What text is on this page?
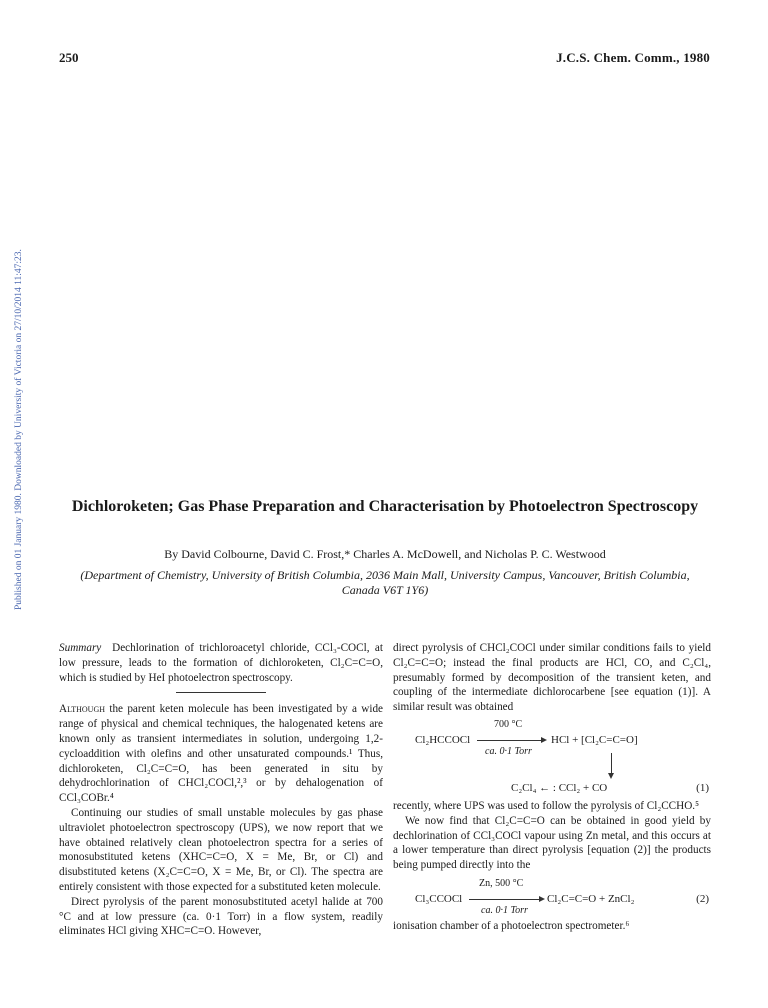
250	J.C.S. Chem. Comm., 1980
Published on 01 January 1980. Downloaded by University of Victoria on 27/10/2014 11:47:23.	Dichloroketen; Gas Phase Preparation and Characterisation by Photoelectron Spectroscopy
By David Colbourne, David C. Frost,* Charles A. McDowell, and Nicholas P. C. Westwood
(Department of Chemistry, University of British Columbia, 2036 Main Mall, University Campus, Vancouver, British Columbia, Canada V6T 1Y6)

Summary Dechlorination of trichloroacetyl chloride, CCl₃-COCl, at low pressure, leads to the formation of dichloroketen, Cl₂C=C=O, which is studied by HeI photoelectron spectroscopy.

Although the parent keten molecule has been investigated by a wide range of physical and chemical techniques, the halogenated ketens are known only as transient intermediates in solution, undergoing 1,2-cycloaddition with olefins and other unsaturated compounds.¹ Thus, dichloroketen, Cl₂C=C=O, has been generated in situ by dehydrochlorination of CHCl₂COCl,²,³ or by dehalogenation of CCl₃COBr.⁴

Continuing our studies of small unstable molecules by gas phase ultraviolet photoelectron spectroscopy (UPS), we now report that we have obtained relatively clean photoelectron spectra for a series of monosubstituted ketens (XHC=C=O, X = Me, Br, or Cl) and disubstituted ketens (X₂C=C=O, X = Me, Br, or Cl). The spectra are entirely consistent with those expected for a substituted keten molecule.

Direct pyrolysis of the parent monosubstituted acetyl halide at 700 °C and at low pressure (ca. 0·1 Torr) in a flow system, readily eliminates HCl giving XHC=C=O. However,

direct pyrolysis of CHCl₂COCl under similar conditions fails to yield Cl₂C=C=O; instead the final products are HCl, CO, and C₂Cl₄, presumably formed by decomposition of the transient keten, and coupling of the intermediate dichlorocarbene [see equation (1)]. A similar result was obtained

700 °C
Cl₂HCCOCl	HCl + [Cl₂C=C=O]
ca. 0·1 Torr
C₂Cl₄ ← : CCl₂ + CO	(1)

recently, where UPS was used to follow the pyrolysis of Cl₂CCHO.⁵

We now find that Cl₂C=C=O can be obtained in good yield by dechlorination of CCl₃COCl vapour using Zn metal, and this occurs at a lower temperature than direct pyrolysis [equation (2)] the products being pumped directly into the

Zn, 500 °C
Cl₃CCOCl	Cl₂C=C=O + ZnCl₂
ca. 0·1 Torr
(2)

ionisation chamber of a photoelectron spectrometer.⁶
